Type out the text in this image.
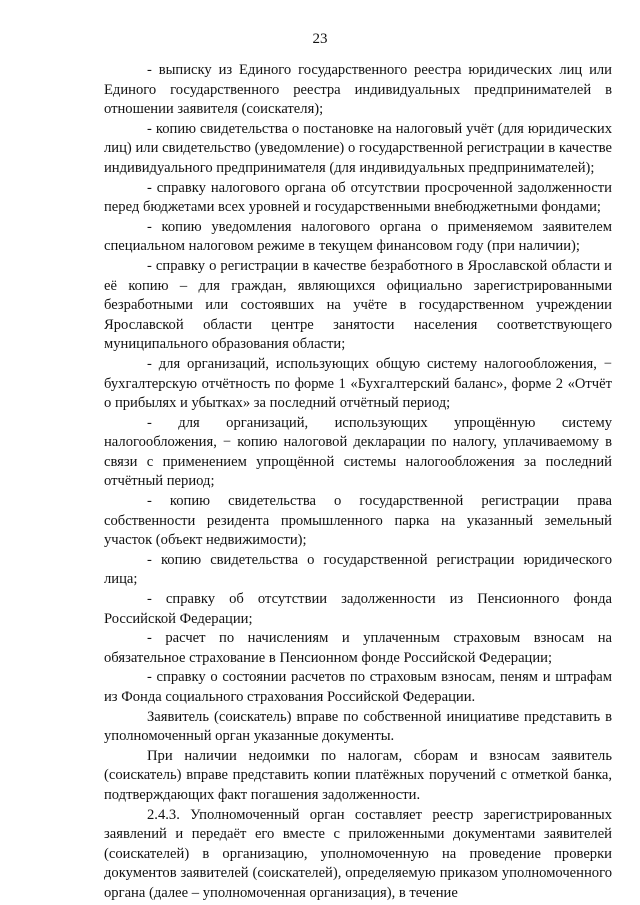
23

- выписку из Единого государственного реестра юридических лиц или Единого государственного реестра индивидуальных предпринимателей в отношении заявителя (соискателя);

- копию свидетельства о постановке на налоговый учёт (для юридических лиц) или свидетельство (уведомление) о государственной регистрации в качестве индивидуального предпринимателя (для индивидуальных предпринимателей);

- справку налогового органа об отсутствии просроченной задолженности перед бюджетами всех уровней и государственными внебюджетными фондами;

- копию уведомления налогового органа о применяемом заявителем специальном налоговом режиме в текущем финансовом году (при наличии);

- справку о регистрации в качестве безработного в Ярославской области и её копию – для граждан, являющихся официально зарегистрированными безработными или состоявших на учёте в государственном учреждении Ярославской области центре занятости населения соответствующего муниципального образования области;

- для организаций, использующих общую систему налогообложения, − бухгалтерскую отчётность по форме 1 «Бухгалтерский баланс», форме 2 «Отчёт о прибылях и убытках» за последний отчётный период;

- для организаций, использующих упрощённую систему налогообложения, − копию налоговой декларации по налогу, уплачиваемому в связи с применением упрощённой системы налогообложения за последний отчётный период;

- копию свидетельства о государственной регистрации права собственности резидента промышленного парка на указанный земельный участок (объект недвижимости);

- копию свидетельства о государственной регистрации юридического лица;

- справку об отсутствии задолженности из Пенсионного фонда Российской Федерации;

- расчет по начислениям и уплаченным страховым взносам на обязательное страхование в Пенсионном фонде Российской Федерации;

- справку о состоянии расчетов по страховым взносам, пеням и штрафам из Фонда социального страхования Российской Федерации.

Заявитель (соискатель) вправе по собственной инициативе представить в уполномоченный орган указанные документы.

При наличии недоимки по налогам, сборам и взносам заявитель (соискатель) вправе представить копии платёжных поручений с отметкой банка, подтверждающих факт погашения задолженности.

2.4.3. Уполномоченный орган составляет реестр зарегистрированных заявлений и передаёт его вместе с приложенными документами заявителей (соискателей) в организацию, уполномоченную на проведение проверки документов заявителей (соискателей), определяемую приказом уполномоченного органа (далее – уполномоченная организация), в течение
